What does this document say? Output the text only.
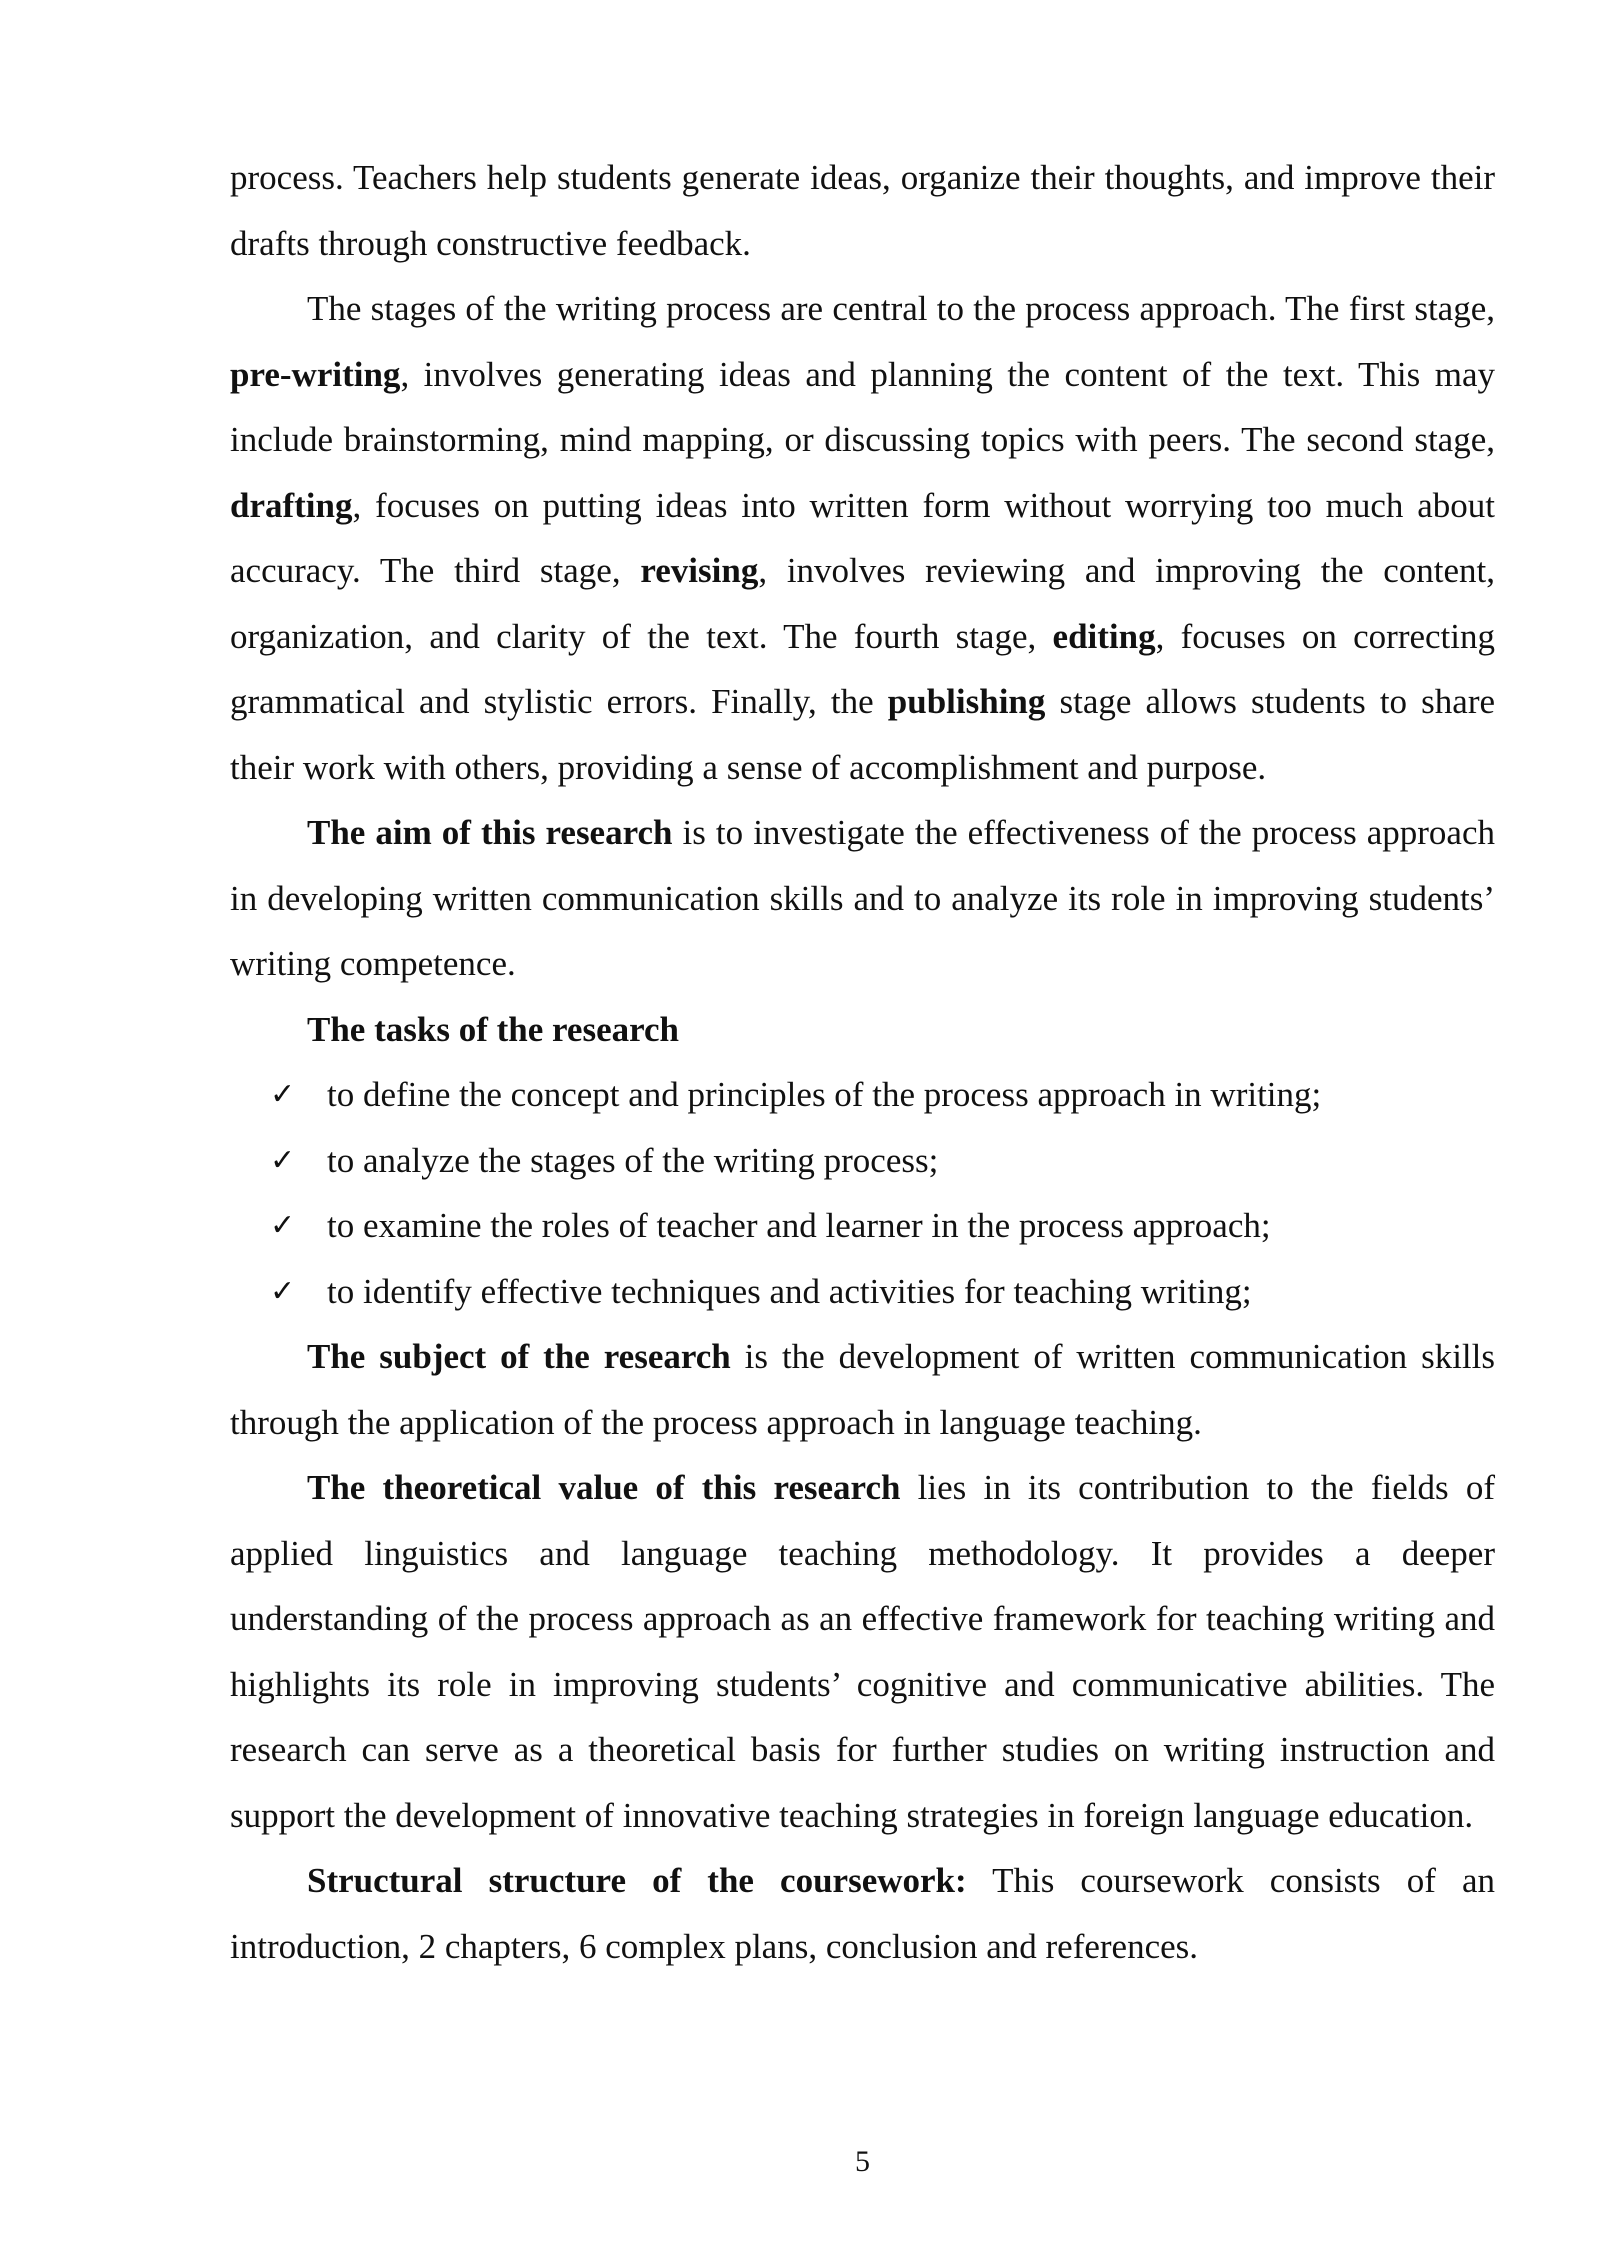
process. Teachers help students generate ideas, organize their thoughts, and improve their drafts through constructive feedback.

The stages of the writing process are central to the process approach. The first stage, pre-writing, involves generating ideas and planning the content of the text. This may include brainstorming, mind mapping, or discussing topics with peers. The second stage, drafting, focuses on putting ideas into written form without worrying too much about accuracy. The third stage, revising, involves reviewing and improving the content, organization, and clarity of the text. The fourth stage, editing, focuses on correcting grammatical and stylistic errors. Finally, the publishing stage allows students to share their work with others, providing a sense of accomplishment and purpose.

The aim of this research is to investigate the effectiveness of the process approach in developing written communication skills and to analyze its role in improving students’ writing competence.

The tasks of the research

✓ to define the concept and principles of the process approach in writing;
✓ to analyze the stages of the writing process;
✓ to examine the roles of teacher and learner in the process approach;
✓ to identify effective techniques and activities for teaching writing;

The subject of the research is the development of written communication skills through the application of the process approach in language teaching.

The theoretical value of this research lies in its contribution to the fields of applied linguistics and language teaching methodology. It provides a deeper understanding of the process approach as an effective framework for teaching writing and highlights its role in improving students’ cognitive and communicative abilities. The research can serve as a theoretical basis for further studies on writing instruction and support the development of innovative teaching strategies in foreign language education.

Structural structure of the coursework: This coursework consists of an introduction, 2 chapters, 6 complex plans, conclusion and references.

5
